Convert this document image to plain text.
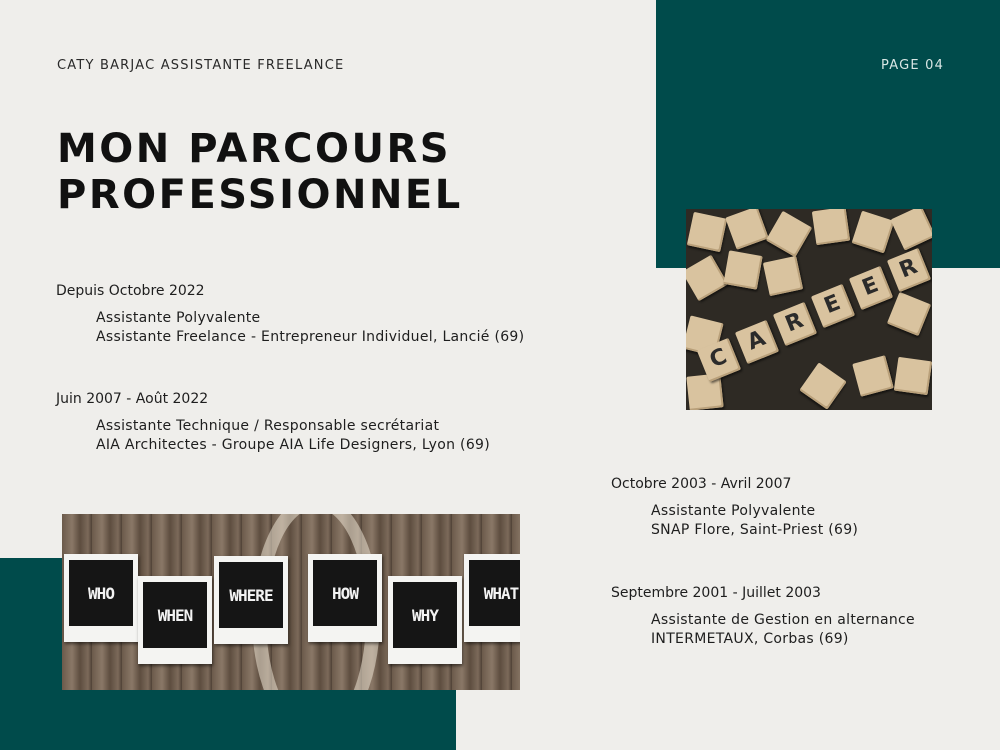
CATY BARJAC ASSISTANTE FREELANCE	PAGE 04
MON PARCOURS
PROFESSIONNEL
Depuis Octobre 2022
Assistante Polyvalente
Assistante Freelance - Entrepreneur Individuel, Lancié (69)
Juin 2007 - Août 2022
Assistante Technique / Responsable secrétariat
AIA Architectes - Groupe AIA Life Designers, Lyon (69)
Octobre 2003 - Avril 2007
Assistante Polyvalente
SNAP Flore, Saint-Priest (69)
Septembre 2001 - Juillet 2003
Assistante de Gestion en alternance
INTERMETAUX, Corbas (69)
C
A
R
E
E
R
WHO
WHEN
WHERE	HOW
WHY
WHAT
